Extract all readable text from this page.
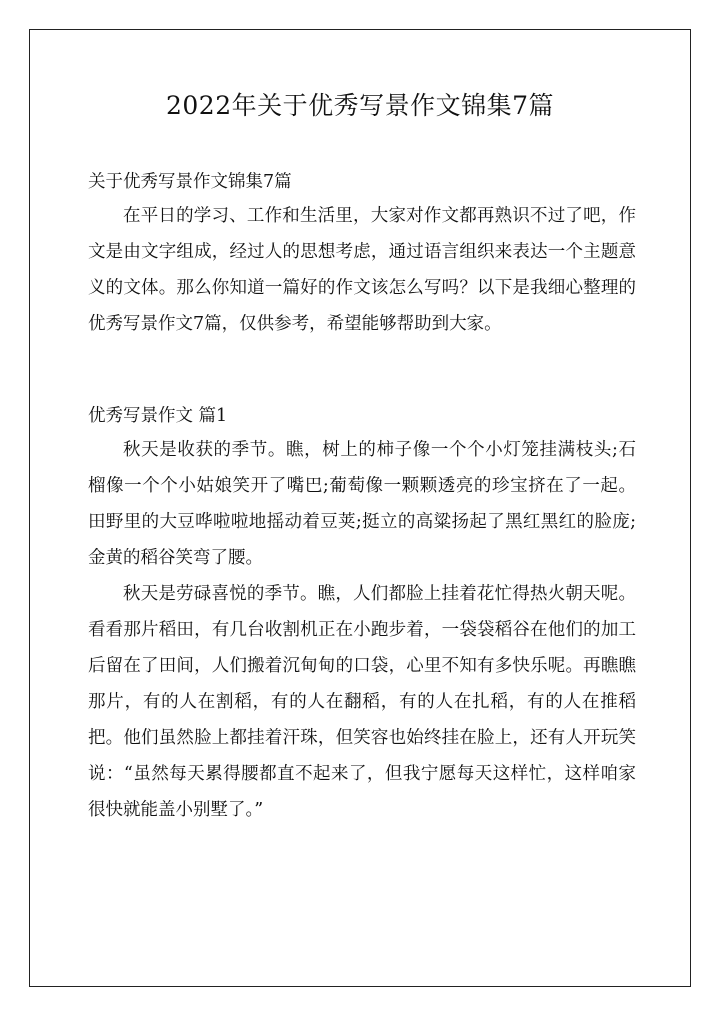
2022年关于优秀写景作文锦集7篇

关于优秀写景作文锦集7篇

在平日的学习、工作和生活里，大家对作文都再熟识不过了吧，作文是由文字组成，经过人的思想考虑，通过语言组织来表达一个主题意义的文体。那么你知道一篇好的作文该怎么写吗？以下是我细心整理的优秀写景作文7篇，仅供参考，希望能够帮助到大家。

优秀写景作文 篇1

秋天是收获的季节。瞧，树上的柿子像一个个小灯笼挂满枝头;石榴像一个个小姑娘笑开了嘴巴;葡萄像一颗颗透亮的珍宝挤在了一起。田野里的大豆哗啦啦地摇动着豆荚;挺立的高粱扬起了黑红黑红的脸庞;金黄的稻谷笑弯了腰。

秋天是劳碌喜悦的季节。瞧，人们都脸上挂着花忙得热火朝天呢。看看那片稻田，有几台收割机正在小跑步着，一袋袋稻谷在他们的加工后留在了田间，人们搬着沉甸甸的口袋，心里不知有多快乐呢。再瞧瞧那片，有的人在割稻，有的人在翻稻，有的人在扎稻，有的人在推稻把。他们虽然脸上都挂着汗珠，但笑容也始终挂在脸上，还有人开玩笑说：“虽然每天累得腰都直不起来了，但我宁愿每天这样忙，这样咱家很快就能盖小别墅了。”
